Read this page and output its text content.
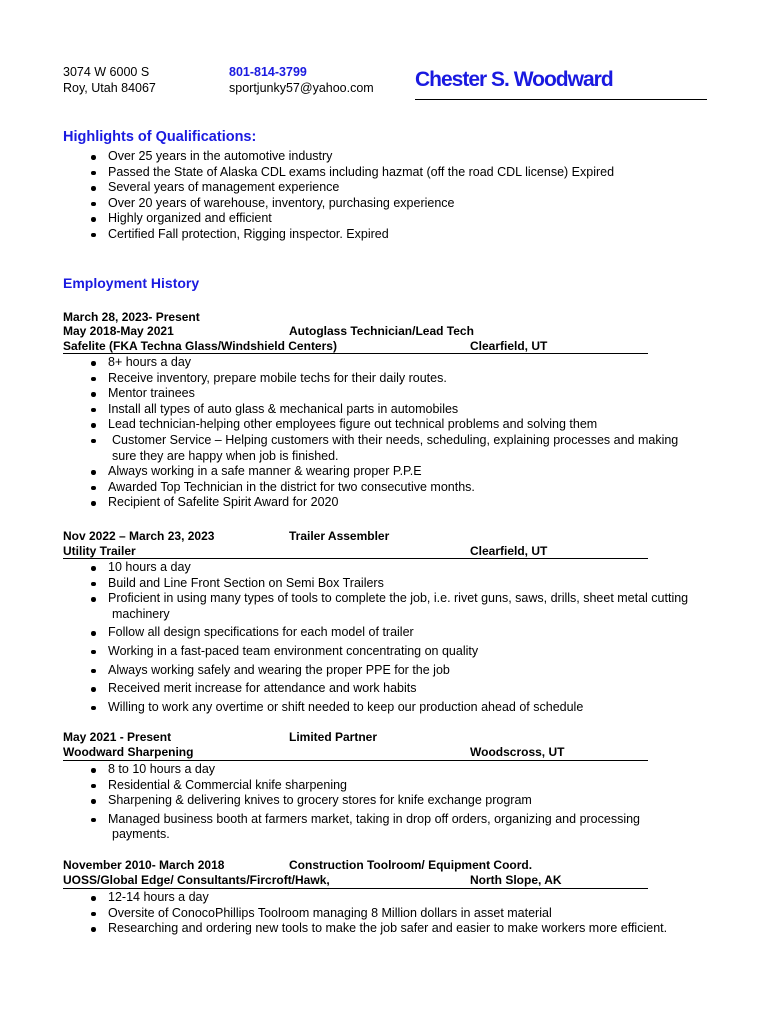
3074 W 6000 S
Roy, Utah 84067
801-814-3799
sportjunky57@yahoo.com Chester S. Woodward
Highlights of Qualifications:
Over 25 years in the automotive industry
Passed the State of Alaska CDL exams including hazmat (off the road CDL license) Expired
Several years of management experience
Over 20 years of warehouse, inventory, purchasing experience
Highly organized and efficient
Certified Fall protection, Rigging inspector. Expired
Employment History
March 28, 2023- Present
May 2018-May 2021	Autoglass Technician/Lead Tech
Safelite (FKA Techna Glass/Windshield Centers)	Clearfield, UT
8+ hours a day
Receive inventory, prepare mobile techs for their daily routes.
Mentor trainees
Install all types of auto glass & mechanical parts in automobiles
Lead technician-helping other employees figure out technical problems and solving them
Customer Service – Helping customers with their needs, scheduling, explaining processes and making
sure they are happy when job is finished.
Always working in a safe manner & wearing proper P.P.E
Awarded Top Technician in the district for two consecutive months.
Recipient of Safelite Spirit Award for 2020
Nov 2022 – March 23, 2023	Trailer Assembler
Utility Trailer	Clearfield, UT
10 hours a day
Build and Line Front Section on Semi Box Trailers
Proficient in using many types of tools to complete the job, i.e. rivet guns, saws, drills, sheet metal cutting
machinery
Follow all design specifications for each model of trailer
Working in a fast-paced team environment concentrating on quality
Always working safely and wearing the proper PPE for the job
Received merit increase for attendance and work habits
Willing to work any overtime or shift needed to keep our production ahead of schedule
May 2021 - Present	Limited Partner
Woodward Sharpening	Woodscross, UT
8 to 10 hours a day
Residential & Commercial knife sharpening
Sharpening & delivering knives to grocery stores for knife exchange program
Managed business booth at farmers market, taking in drop off orders, organizing and processing
payments.
November 2010- March 2018	Construction Toolroom/ Equipment Coord.
UOSS/Global Edge/ Consultants/Fircroft/Hawk,	North Slope, AK
12-14 hours a day
Oversite of ConocoPhillips Toolroom managing 8 Million dollars in asset material
Researching and ordering new tools to make the job safer and easier to make workers more efficient.
